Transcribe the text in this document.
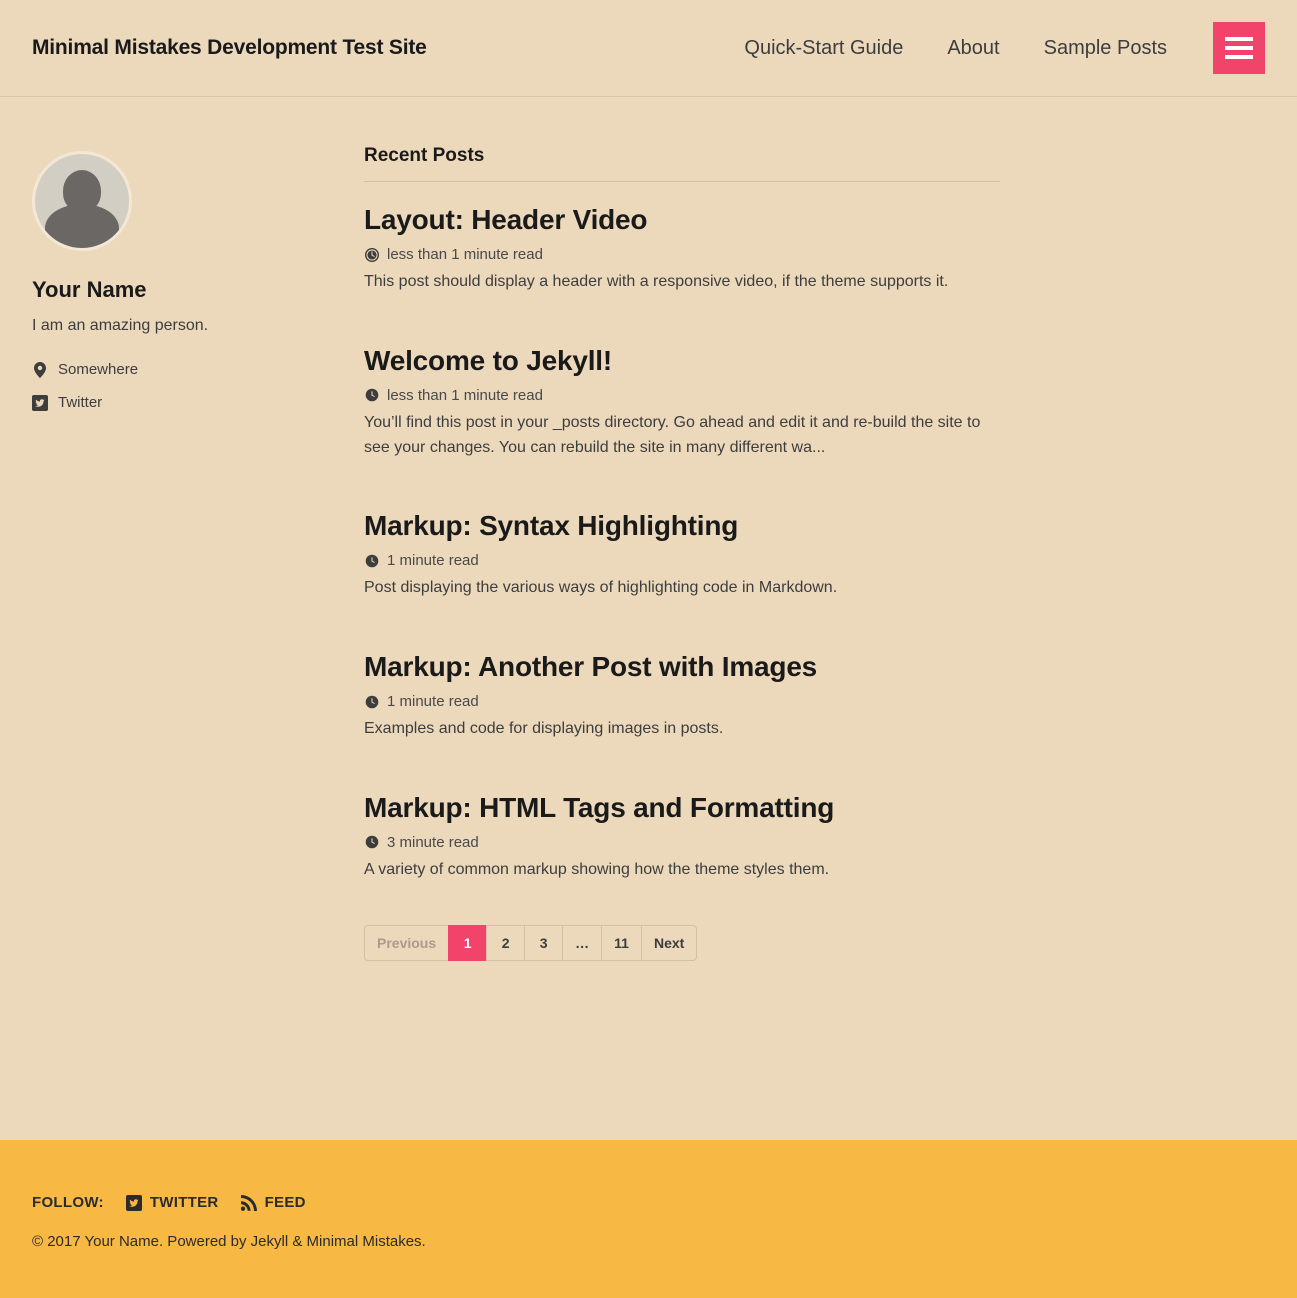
Minimal Mistakes Development Test Site	Quick-Start Guide About Sample Posts
Your Name

I am an amazing person.

Somewhere
Twitter
Recent Posts
Layout: Header Video
less than 1 minute read

This post should display a header with a responsive video, if the theme supports it.

Welcome to Jekyll!
less than 1 minute read

You’ll find this post in your _posts directory. Go ahead and edit it and re-build the site to see your changes. You can rebuild the site in many different wa...

Markup: Syntax Highlighting
1 minute read

Post displaying the various ways of highlighting code in Markdown.

Markup: Another Post with Images
1 minute read

Examples and code for displaying images in posts.

Markup: HTML Tags and Formatting
3 minute read

A variety of common markup showing how the theme styles them.

Previous	1	2	3	…	11	Next
FOLLOW:	TWITTER	FEED
© 2017 Your Name. Powered by Jekyll & Minimal Mistakes.
